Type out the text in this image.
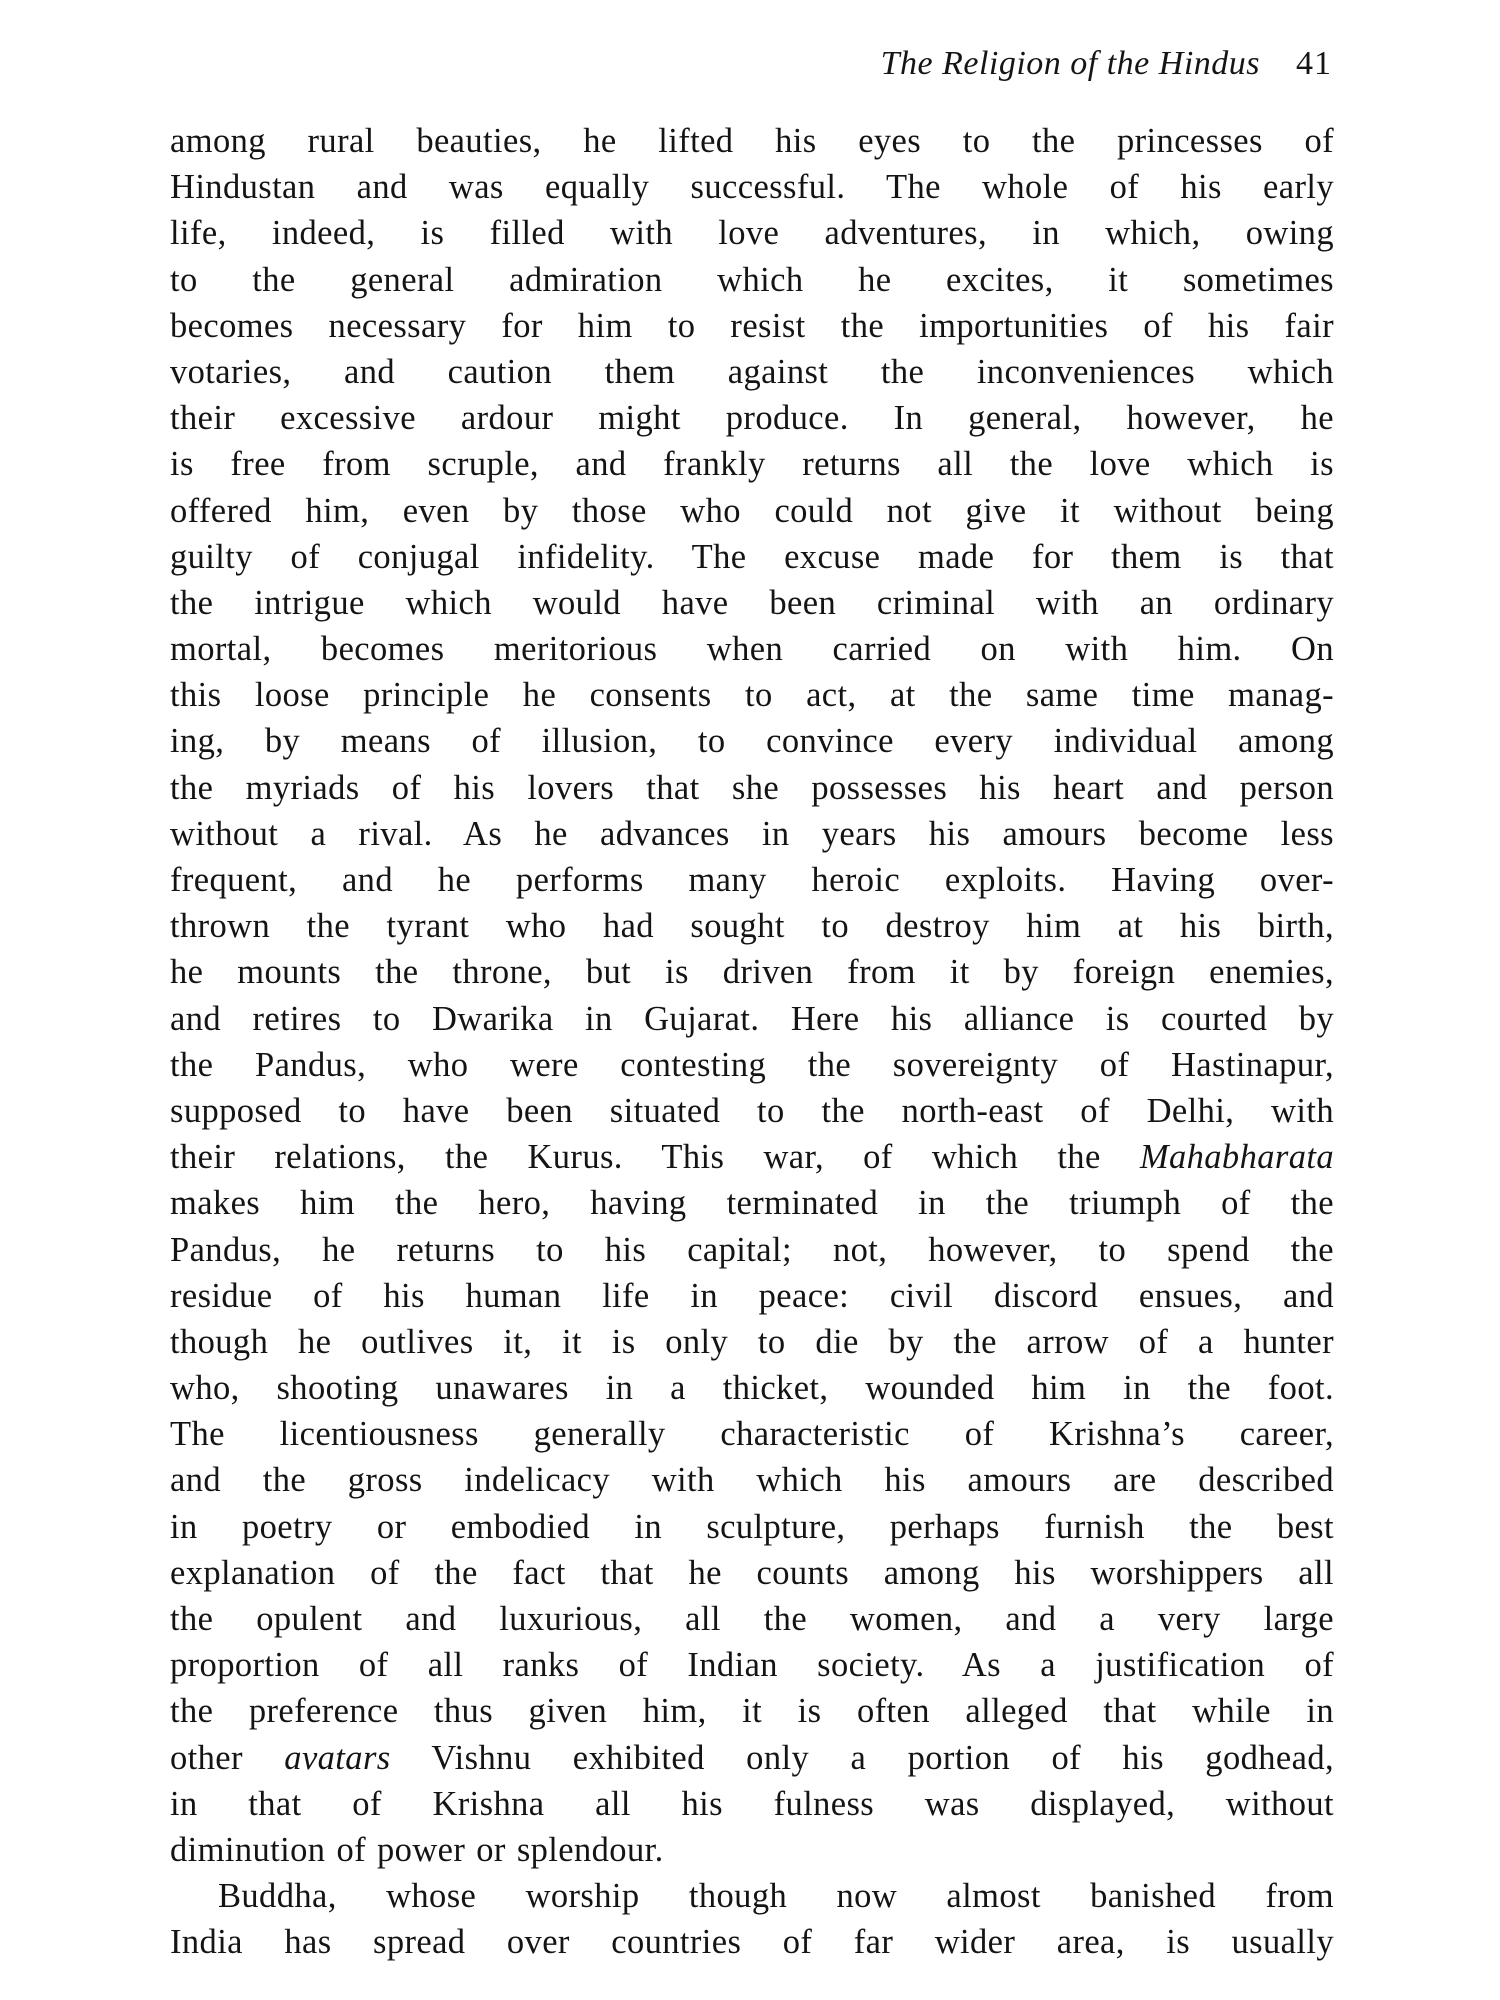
The Religion of the Hindus 41
among rural beauties, he lifted his eyes to the princesses of
Hindustan and was equally successful. The whole of his early
life, indeed, is filled with love adventures, in which, owing
to the general admiration which he excites, it sometimes
becomes necessary for him to resist the importunities of his fair
votaries, and caution them against the inconveniences which
their excessive ardour might produce. In general, however, he
is free from scruple, and frankly returns all the love which is
offered him, even by those who could not give it without being
guilty of conjugal infidelity. The excuse made for them is that
the intrigue which would have been criminal with an ordinary
mortal, becomes meritorious when carried on with him. On
this loose principle he consents to act, at the same time manag-
ing, by means of illusion, to convince every individual among
the myriads of his lovers that she possesses his heart and person
without a rival. As he advances in years his amours become less
frequent, and he performs many heroic exploits. Having over-
thrown the tyrant who had sought to destroy him at his birth,
he mounts the throne, but is driven from it by foreign enemies,
and retires to Dwarika in Gujarat. Here his alliance is courted by
the Pandus, who were contesting the sovereignty of Hastinapur,
supposed to have been situated to the north-east of Delhi, with
their relations, the Kurus. This war, of which the Mahabharata
makes him the hero, having terminated in the triumph of the
Pandus, he returns to his capital; not, however, to spend the
residue of his human life in peace: civil discord ensues, and
though he outlives it, it is only to die by the arrow of a hunter
who, shooting unawares in a thicket, wounded him in the foot.
The licentiousness generally characteristic of Krishna’s career,
and the gross indelicacy with which his amours are described
in poetry or embodied in sculpture, perhaps furnish the best
explanation of the fact that he counts among his worshippers all
the opulent and luxurious, all the women, and a very large
proportion of all ranks of Indian society. As a justification of
the preference thus given him, it is often alleged that while in
other avatars Vishnu exhibited only a portion of his godhead,
in that of Krishna all his fulness was displayed, without
diminution of power or splendour.
Buddha, whose worship though now almost banished from
India has spread over countries of far wider area, is usually
